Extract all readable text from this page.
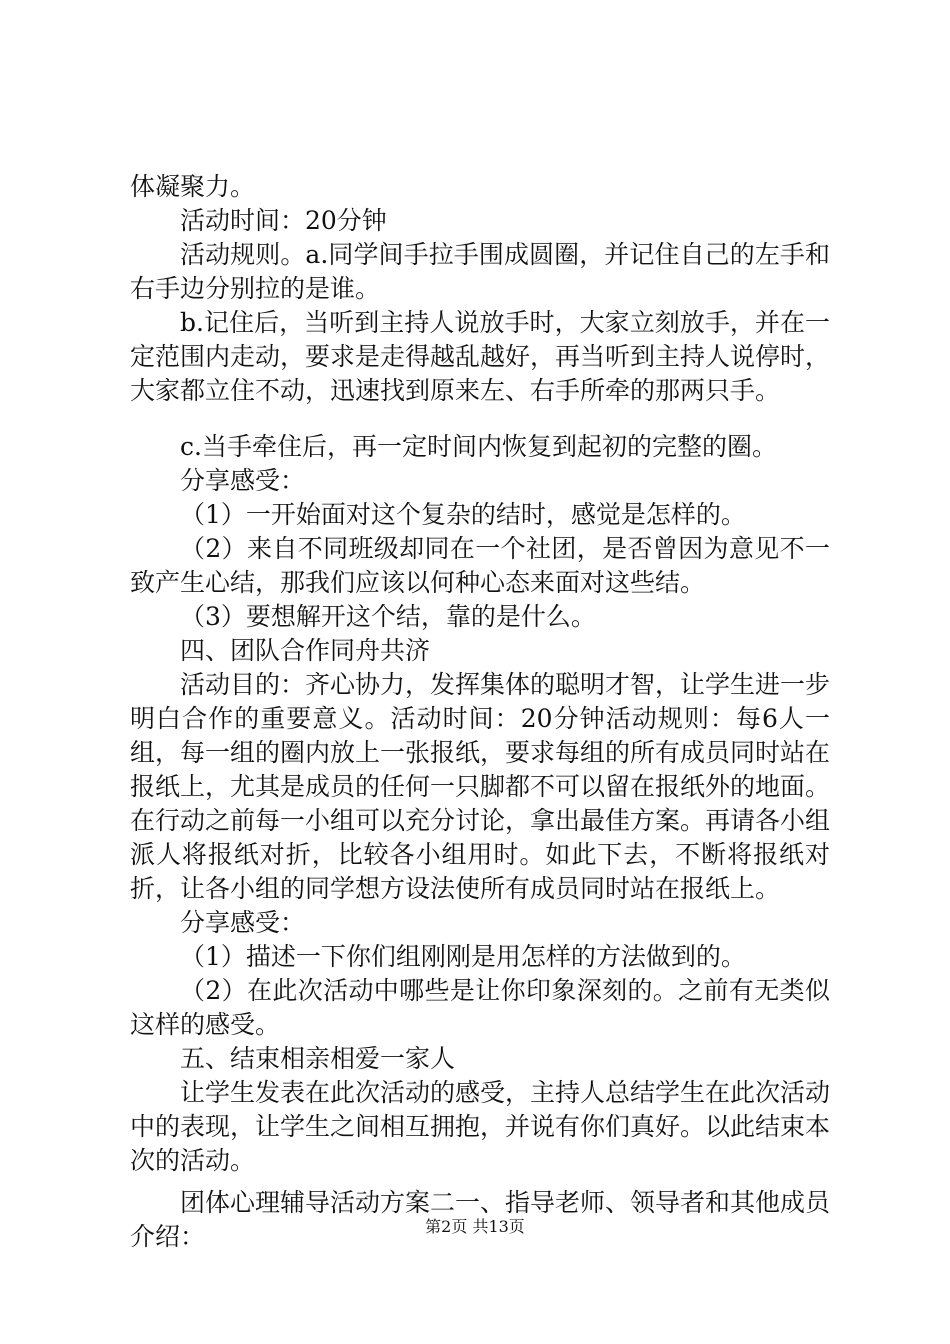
体凝聚力。

活动时间：20分钟

活动规则。a.同学间手拉手围成圆圈，并记住自己的左手和右手边分别拉的是谁。

b.记住后，当听到主持人说放手时，大家立刻放手，并在一定范围内走动，要求是走得越乱越好，再当听到主持人说停时，大家都立住不动，迅速找到原来左、右手所牵的那两只手。

c.当手牵住后，再一定时间内恢复到起初的完整的圈。

分享感受：

（1）一开始面对这个复杂的结时，感觉是怎样的。

（2）来自不同班级却同在一个社团，是否曾因为意见不一致产生心结，那我们应该以何种心态来面对这些结。

（3）要想解开这个结，靠的是什么。

四、团队合作同舟共济

活动目的：齐心协力，发挥集体的聪明才智，让学生进一步明白合作的重要意义。活动时间：20分钟活动规则：每6人一组，每一组的圈内放上一张报纸，要求每组的所有成员同时站在报纸上，尤其是成员的任何一只脚都不可以留在报纸外的地面。在行动之前每一小组可以充分讨论，拿出最佳方案。再请各小组派人将报纸对折，比较各小组用时。如此下去，不断将报纸对折，让各小组的同学想方设法使所有成员同时站在报纸上。

分享感受：

（1）描述一下你们组刚刚是用怎样的方法做到的。

（2）在此次活动中哪些是让你印象深刻的。之前有无类似这样的感受。

五、结束相亲相爱一家人

让学生发表在此次活动的感受，主持人总结学生在此次活动中的表现，让学生之间相互拥抱，并说有你们真好。以此结束本次的活动。

团体心理辅导活动方案二一、指导老师、领导者和其他成员介绍：	第2页 共13页
